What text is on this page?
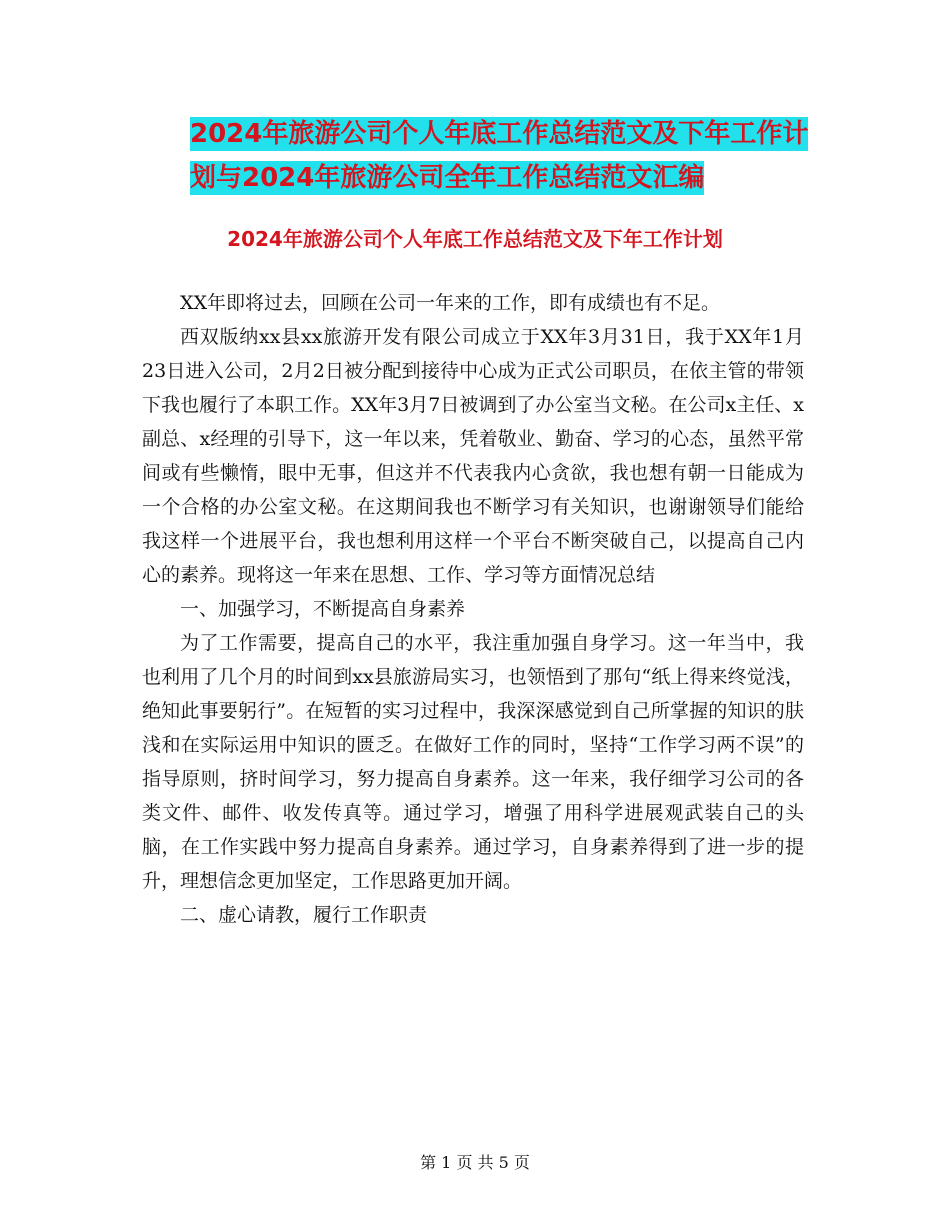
2024年旅游公司个人年底工作总结范文及下年工作计划与2024年旅游公司全年工作总结范文汇编
2024年旅游公司个人年底工作总结范文及下年工作计划

XX年即将过去，回顾在公司一年来的工作，即有成绩也有不足。

西双版纳xx县xx旅游开发有限公司成立于XX年3月31日，我于XX年1月23日进入公司，2月2日被分配到接待中心成为正式公司职员，在依主管的带领下我也履行了本职工作。XX年3月7日被调到了办公室当文秘。在公司x主任、x副总、x经理的引导下，这一年以来，凭着敬业、勤奋、学习的心态，虽然平常间或有些懒惰，眼中无事，但这并不代表我内心贪欲，我也想有朝一日能成为一个合格的办公室文秘。在这期间我也不断学习有关知识，也谢谢领导们能给我这样一个进展平台，我也想利用这样一个平台不断突破自己，以提高自己内心的素养。现将这一年来在思想、工作、学习等方面情况总结

一、加强学习，不断提高自身素养

为了工作需要，提高自己的水平，我注重加强自身学习。这一年当中，我也利用了几个月的时间到xx县旅游局实习，也领悟到了那句“纸上得来终觉浅，绝知此事要躬行”。在短暂的实习过程中，我深深感觉到自己所掌握的知识的肤浅和在实际运用中知识的匮乏。在做好工作的同时，坚持“工作学习两不误”的指导原则，挤时间学习，努力提高自身素养。这一年来，我仔细学习公司的各类文件、邮件、收发传真等。通过学习，增强了用科学进展观武装自己的头脑，在工作实践中努力提高自身素养。通过学习，自身素养得到了进一步的提升，理想信念更加坚定，工作思路更加开阔。

二、虚心请教，履行工作职责

第 1 页 共 5 页
